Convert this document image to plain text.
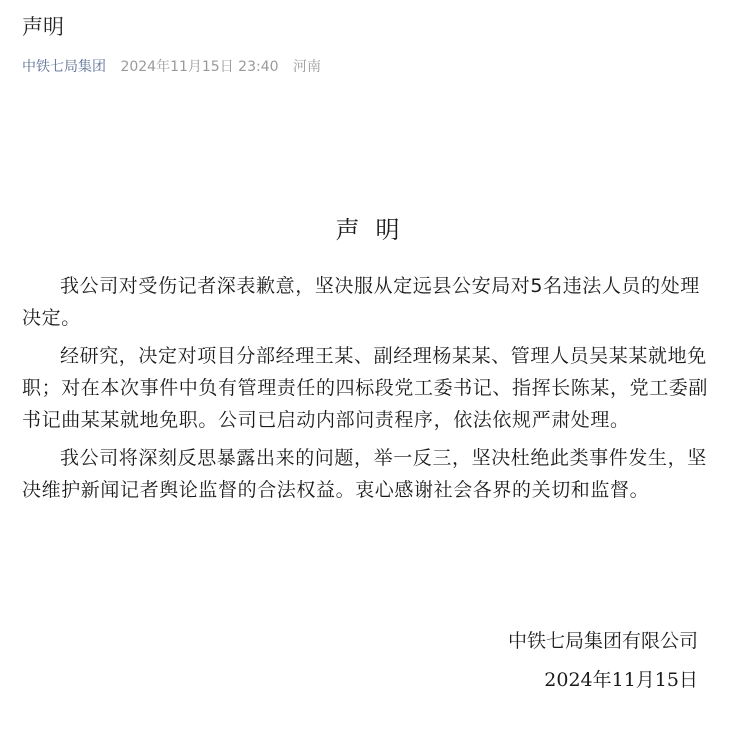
声明
中铁七局集团 2024年11月15日 23:40 河南
声明

我公司对受伤记者深表歉意，坚决服从定远县公安局对5名违法人员的处理决定。

经研究，决定对项目分部经理王某、副经理杨某某、管理人员吴某某就地免职；对在本次事件中负有管理责任的四标段党工委书记、指挥长陈某，党工委副书记曲某某就地免职。公司已启动内部问责程序，依法依规严肃处理。

我公司将深刻反思暴露出来的问题，举一反三，坚决杜绝此类事件发生，坚决维护新闻记者舆论监督的合法权益。衷心感谢社会各界的关切和监督。

中铁七局集团有限公司
2024年11月15日
